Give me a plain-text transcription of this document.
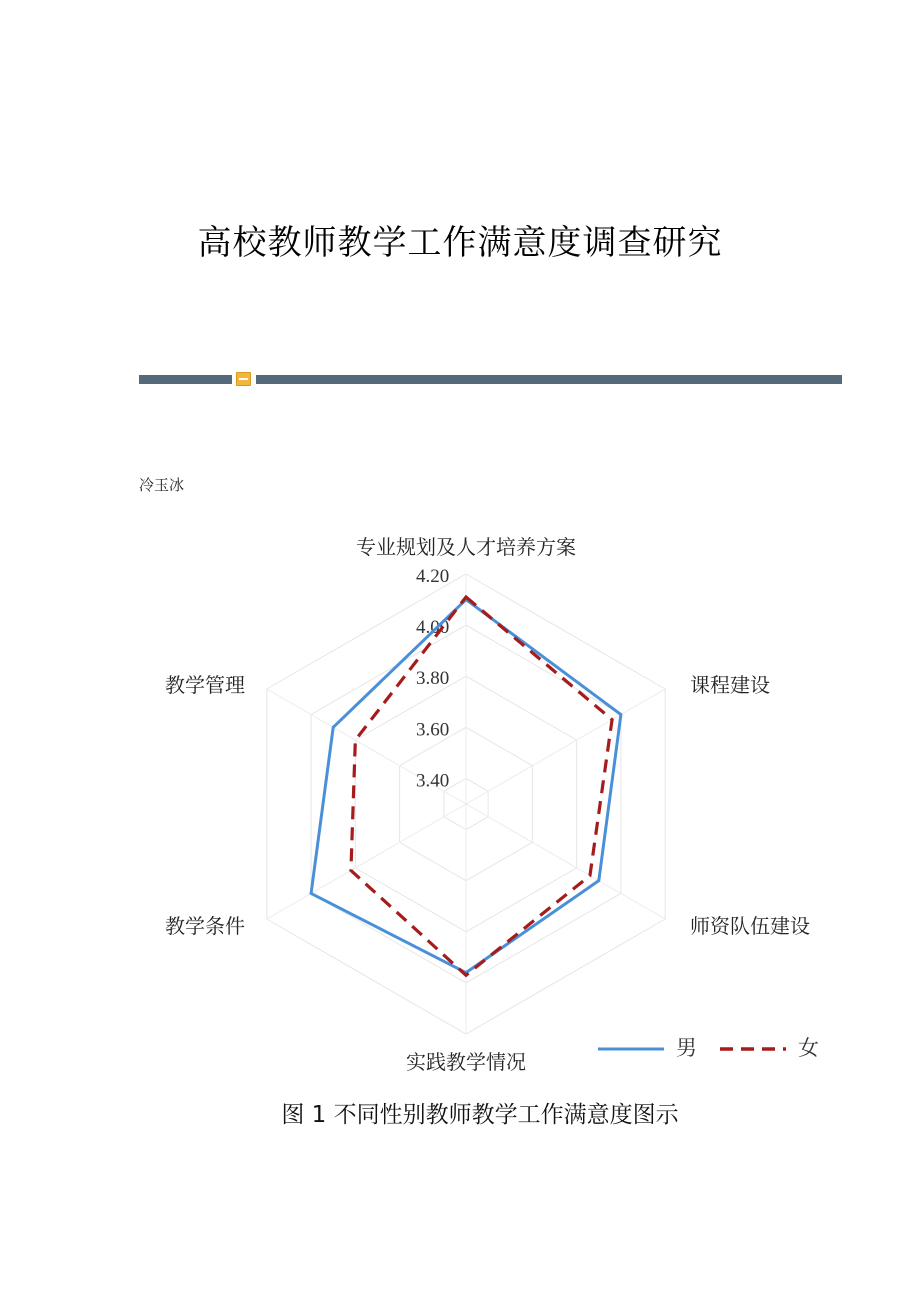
高校教师教学工作满意度调查研究
冷玉冰
3.40
3.60
3.80
4.00
4.20
专业规划及人才培养方案
课程建设
师资队伍建设
实践教学情况
教学条件
教学管理
男	女
图 1 不同性别教师教学工作满意度图示
